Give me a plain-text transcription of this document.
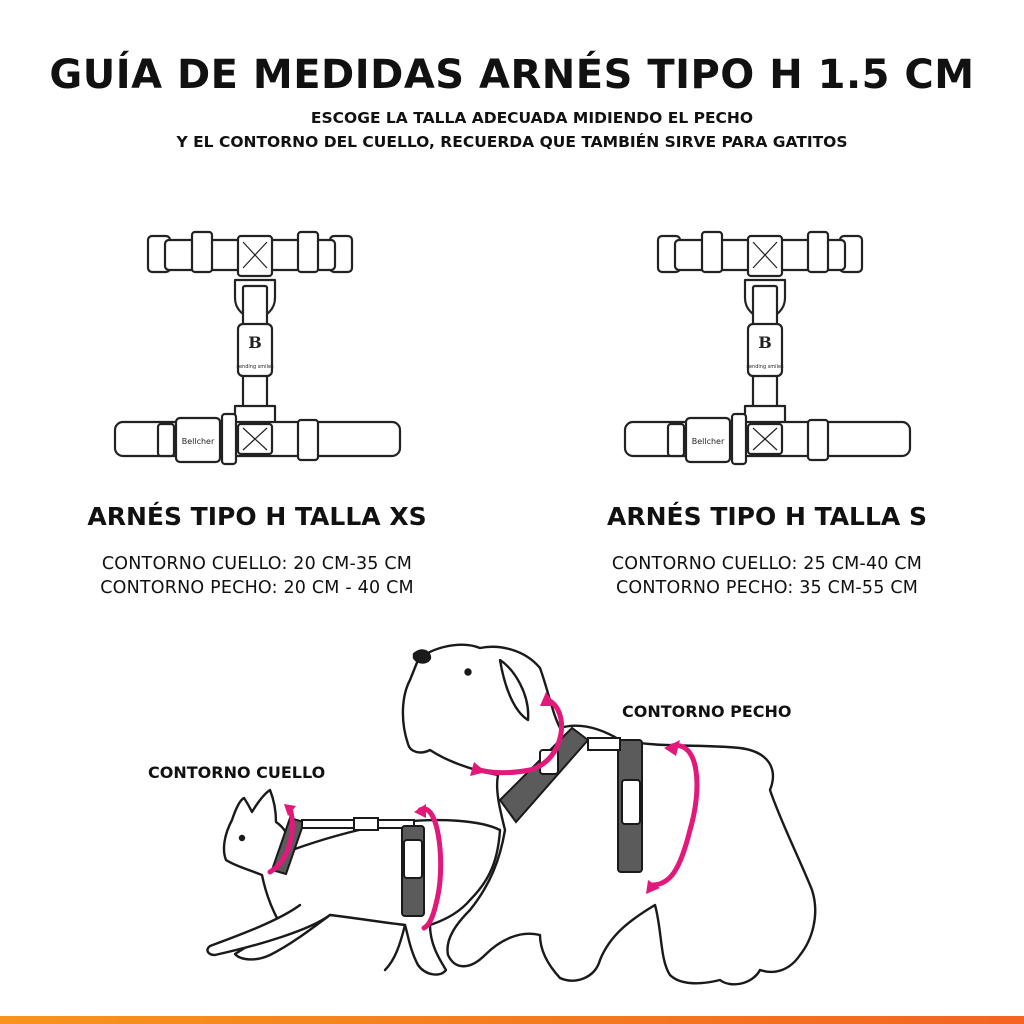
GUÍA DE MEDIDAS ARNÉS TIPO H 1.5 CM
ESCOGE LA TALLA ADECUADA MIDIENDO EL PECHO
Y EL CONTORNO DEL CUELLO, RECUERDA QUE TAMBIÉN SIRVE PARA GATITOS
B
sending smiles
Bellcher
B
sending smiles
Bellcher
ARNÉS TIPO H TALLA XS
CONTORNO CUELLO: 20 CM-35 CM
CONTORNO PECHO: 20 CM - 40 CM
ARNÉS TIPO H TALLA S
CONTORNO CUELLO: 25 CM-40 CM
CONTORNO PECHO: 35 CM-55 CM
CONTORNO PECHO
CONTORNO CUELLO
